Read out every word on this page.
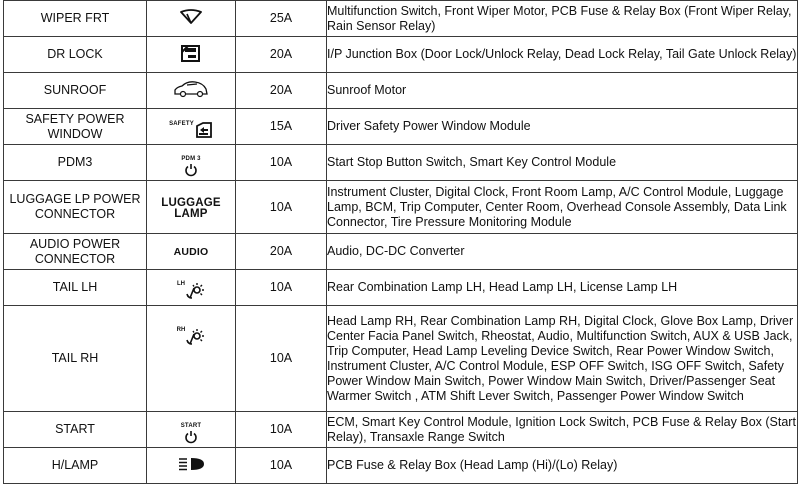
WIPER FRT		25A	Multifunction Switch, Front Wiper Motor, PCB Fuse & Relay Box (Front Wiper Relay, Rain Sensor Relay)
DR LOCK		20A	I/P Junction Box (Door Lock/Unlock Relay, Dead Lock Relay, Tail Gate Unlock Relay)
SUNROOF		20A	Sunroof Motor
SAFETY POWER WINDOW	SAFETY	15A	Driver Safety Power Window Module
PDM3	PDM 3	10A	Start Stop Button Switch, Smart Key Control Module
LUGGAGE LP POWER CONNECTOR	LUGGAGE LAMP	10A	Instrument Cluster, Digital Clock, Front Room Lamp, A/C Control Module, Luggage Lamp, BCM, Trip Computer, Center Room, Overhead Console Assembly, Data Link Connector, Tire Pressure Monitoring Module
AUDIO POWER CONNECTOR	AUDIO	20A	Audio, DC-DC Converter
TAIL LH	LH	10A	Rear Combination Lamp LH, Head Lamp LH, License Lamp LH
TAIL RH	RH	10A	Head Lamp RH, Rear Combination Lamp RH, Digital Clock, Glove Box Lamp, Driver Center Facia Panel Switch, Rheostat, Audio, Multifunction Switch, AUX & USB Jack, Trip Computer, Head Lamp Leveling Device Switch, Rear Power Window Switch, Instrument Cluster, A/C Control Module, ESP OFF Switch, ISG OFF Switch, Safety Power Window Main Switch, Power Window Main Switch, Driver/Passenger Seat Warmer Switch , ATM Shift Lever Switch, Passenger Power Window Switch
START	START	10A	ECM, Smart Key Control Module, Ignition Lock Switch, PCB Fuse & Relay Box (Start Relay), Transaxle Range Switch
H/LAMP		10A	PCB Fuse & Relay Box (Head Lamp (Hi)/(Lo) Relay)
